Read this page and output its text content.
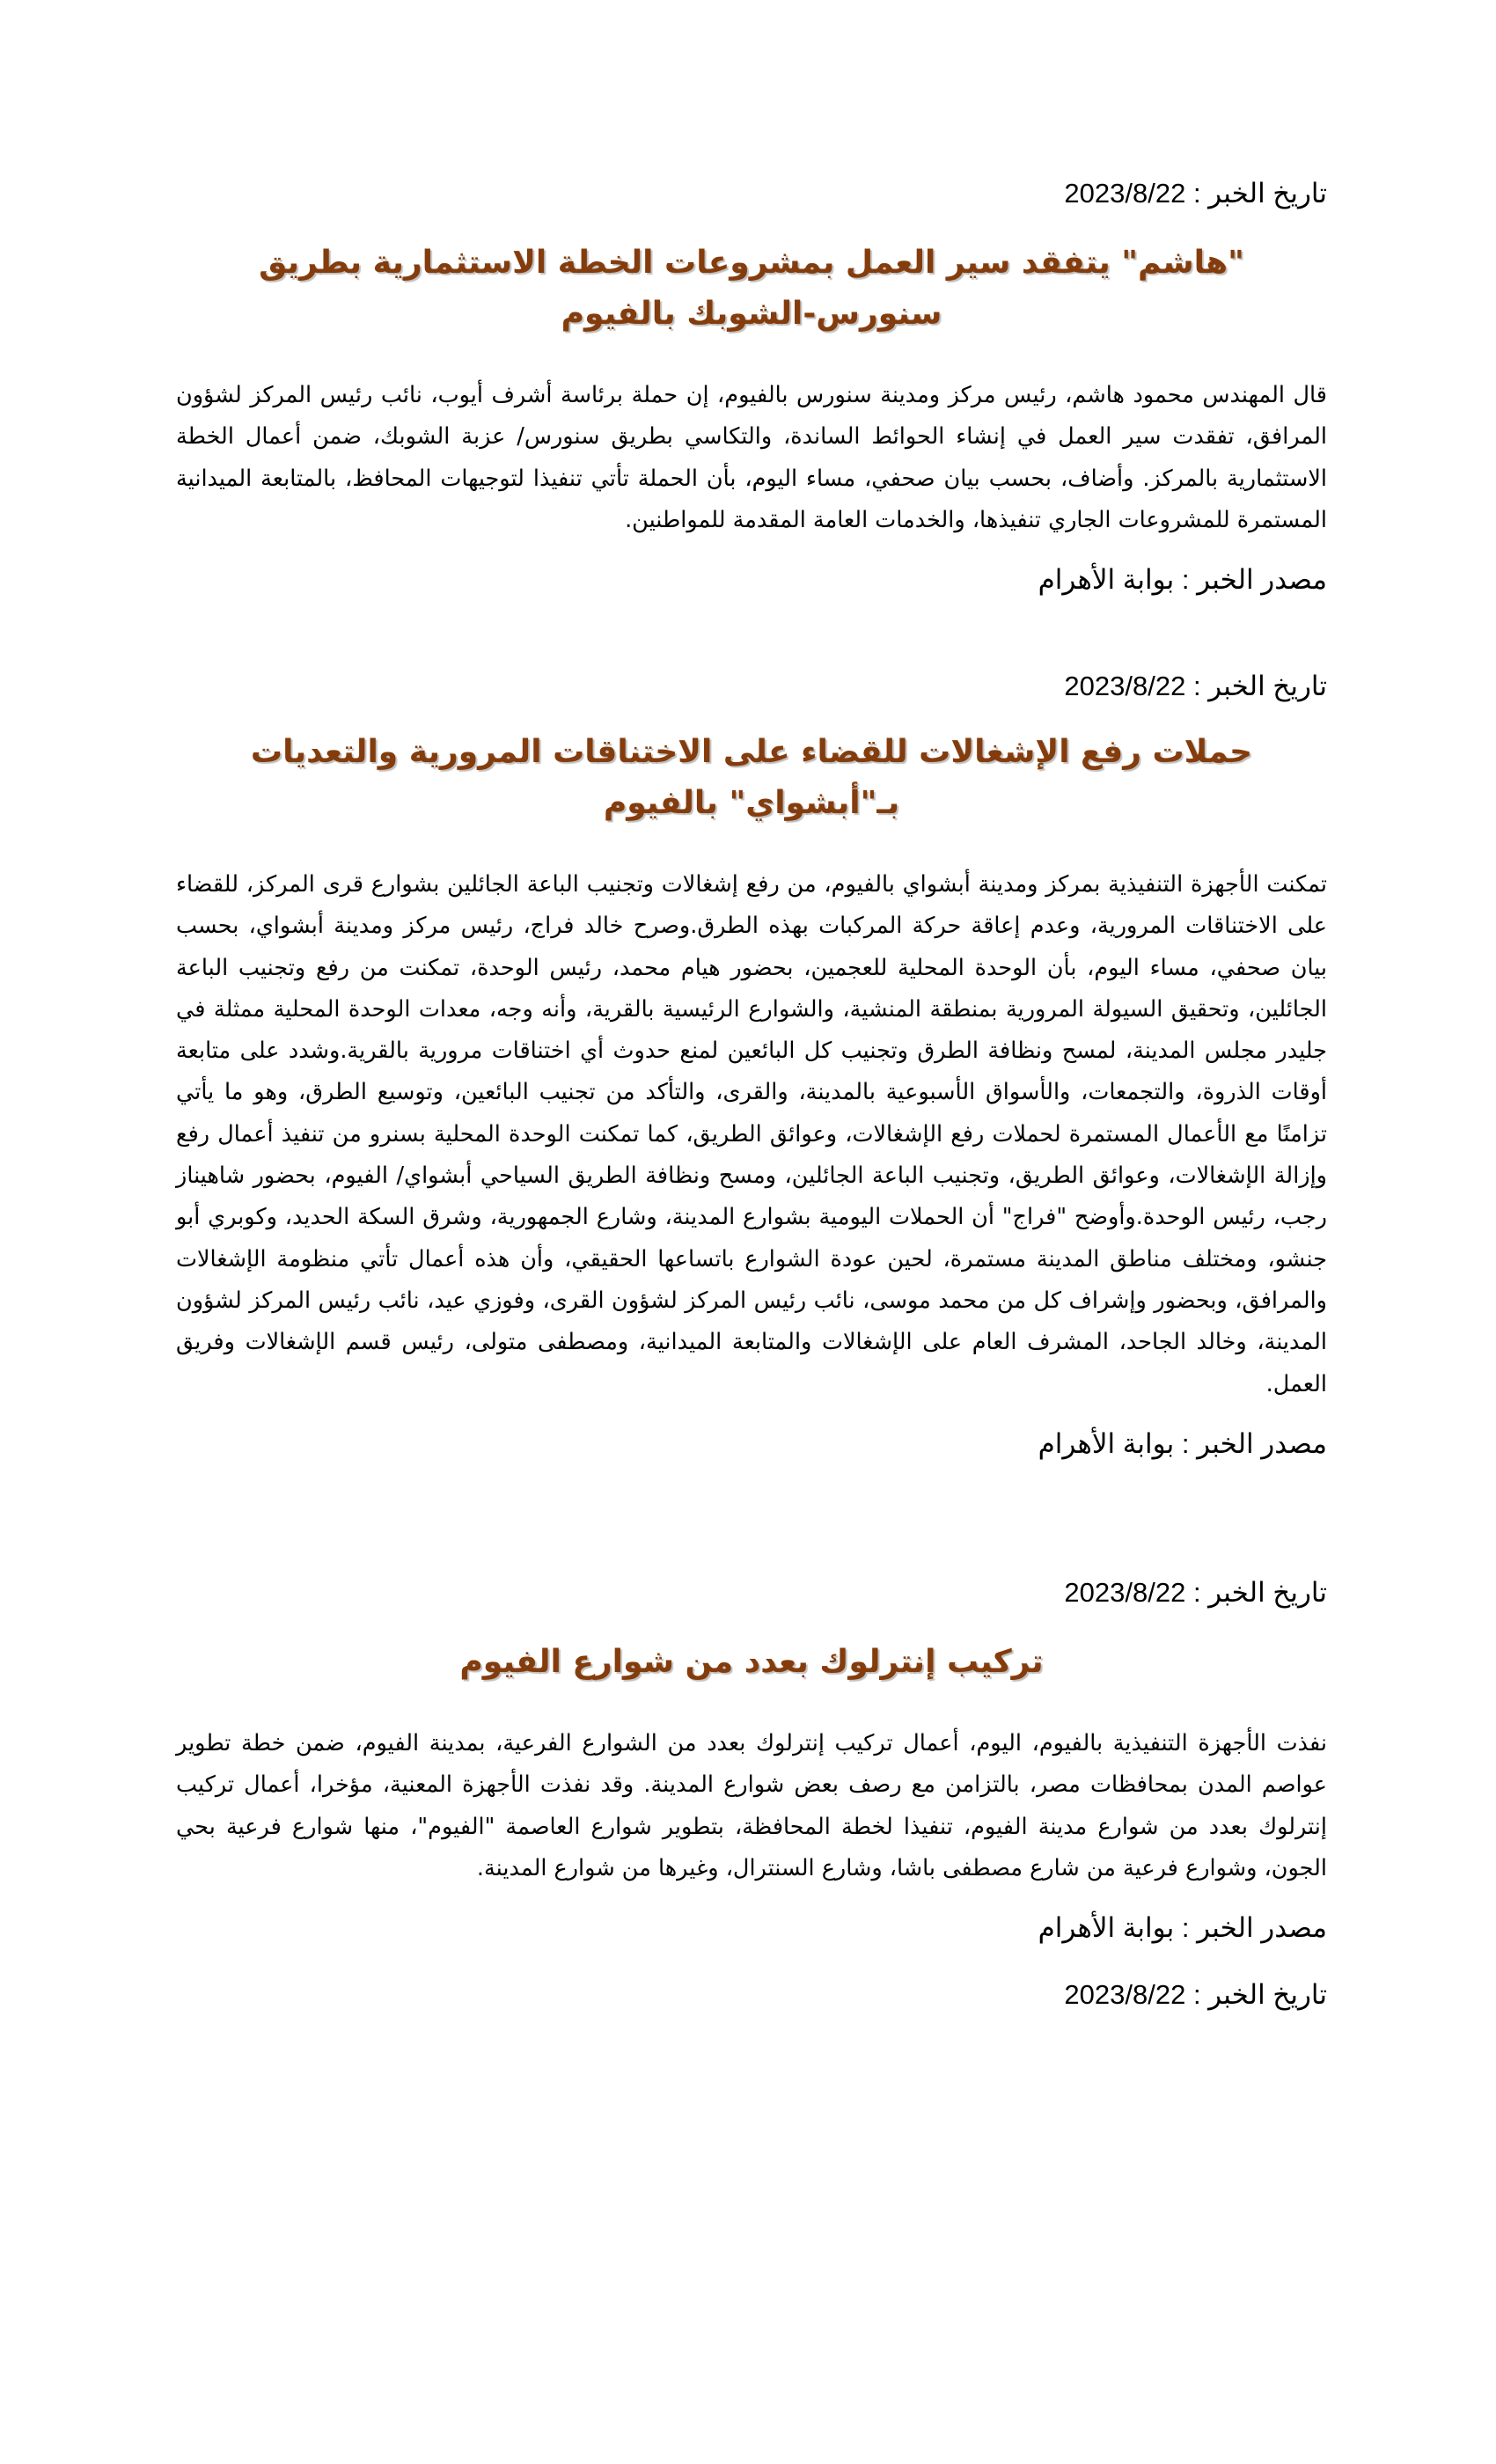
تاريخ الخبر : 2023/8/22

"هاشم" يتفقد سير العمل بمشروعات الخطة الاستثمارية بطريق سنورس-الشوبك بالفيوم

قال المهندس محمود هاشم، رئيس مركز ومدينة سنورس بالفيوم، إن حملة برئاسة أشرف أيوب، نائب رئيس المركز لشؤون المرافق، تفقدت سير العمل في إنشاء الحوائط الساندة، والتكاسي بطريق سنورس/ عزبة الشوبك، ضمن أعمال الخطة الاستثمارية بالمركز. وأضاف، بحسب بيان صحفي، مساء اليوم، بأن الحملة تأتي تنفيذا لتوجيهات المحافظ، بالمتابعة الميدانية المستمرة للمشروعات الجاري تنفيذها، والخدمات العامة المقدمة للمواطنين.

مصدر الخبر : بوابة الأهرام

تاريخ الخبر : 2023/8/22

حملات رفع الإشغالات للقضاء على الاختناقات المرورية والتعديات بـ"أبشواي" بالفيوم

تمكنت الأجهزة التنفيذية بمركز ومدينة أبشواي بالفيوم، من رفع إشغالات وتجنيب الباعة الجائلين بشوارع قرى المركز، للقضاء على الاختناقات المرورية، وعدم إعاقة حركة المركبات بهذه الطرق.وصرح خالد فراج، رئيس مركز ومدينة أبشواي، بحسب بيان صحفي، مساء اليوم، بأن الوحدة المحلية للعجمين، بحضور هيام محمد، رئيس الوحدة، تمكنت من رفع وتجنيب الباعة الجائلين، وتحقيق السيولة المرورية بمنطقة المنشية، والشوارع الرئيسية بالقرية، وأنه وجه، معدات الوحدة المحلية ممثلة في جليدر مجلس المدينة، لمسح ونظافة الطرق وتجنيب كل البائعين لمنع حدوث أي اختناقات مرورية بالقرية.وشدد على متابعة أوقات الذروة، والتجمعات، والأسواق الأسبوعية بالمدينة، والقرى، والتأكد من تجنيب البائعين، وتوسيع الطرق، وهو ما يأتي تزامنًا مع الأعمال المستمرة لحملات رفع الإشغالات، وعوائق الطريق، كما تمكنت الوحدة المحلية بسنرو من تنفيذ أعمال رفع وإزالة الإشغالات، وعوائق الطريق، وتجنيب الباعة الجائلين، ومسح ونظافة الطريق السياحي أبشواي/ الفيوم، بحضور شاهيناز رجب، رئيس الوحدة.وأوضح "فراج" أن الحملات اليومية بشوارع المدينة، وشارع الجمهورية، وشرق السكة الحديد، وكوبري أبو جنشو، ومختلف مناطق المدينة مستمرة، لحين عودة الشوارع باتساعها الحقيقي، وأن هذه أعمال تأتي منظومة الإشغالات والمرافق، وبحضور وإشراف كل من محمد موسى، نائب رئيس المركز لشؤون القرى، وفوزي عيد، نائب رئيس المركز لشؤون المدينة، وخالد الجاحد، المشرف العام على الإشغالات والمتابعة الميدانية، ومصطفى متولى، رئيس قسم الإشغالات وفريق العمل.

مصدر الخبر : بوابة الأهرام

تاريخ الخبر : 2023/8/22

تركيب إنترلوك بعدد من شوارع الفيوم

نفذت الأجهزة التنفيذية بالفيوم، اليوم، أعمال تركيب إنترلوك بعدد من الشوارع الفرعية، بمدينة الفيوم، ضمن خطة تطوير عواصم المدن بمحافظات مصر، بالتزامن مع رصف بعض شوارع المدينة. وقد نفذت الأجهزة المعنية، مؤخرا، أعمال تركيب إنترلوك بعدد من شوارع مدينة الفيوم، تنفيذا لخطة المحافظة، بتطوير شوارع العاصمة "الفيوم"، منها شوارع فرعية بحي الجون، وشوارع فرعية من شارع مصطفى باشا، وشارع السنترال، وغيرها من شوارع المدينة.

مصدر الخبر : بوابة الأهرام

تاريخ الخبر : 2023/8/22
